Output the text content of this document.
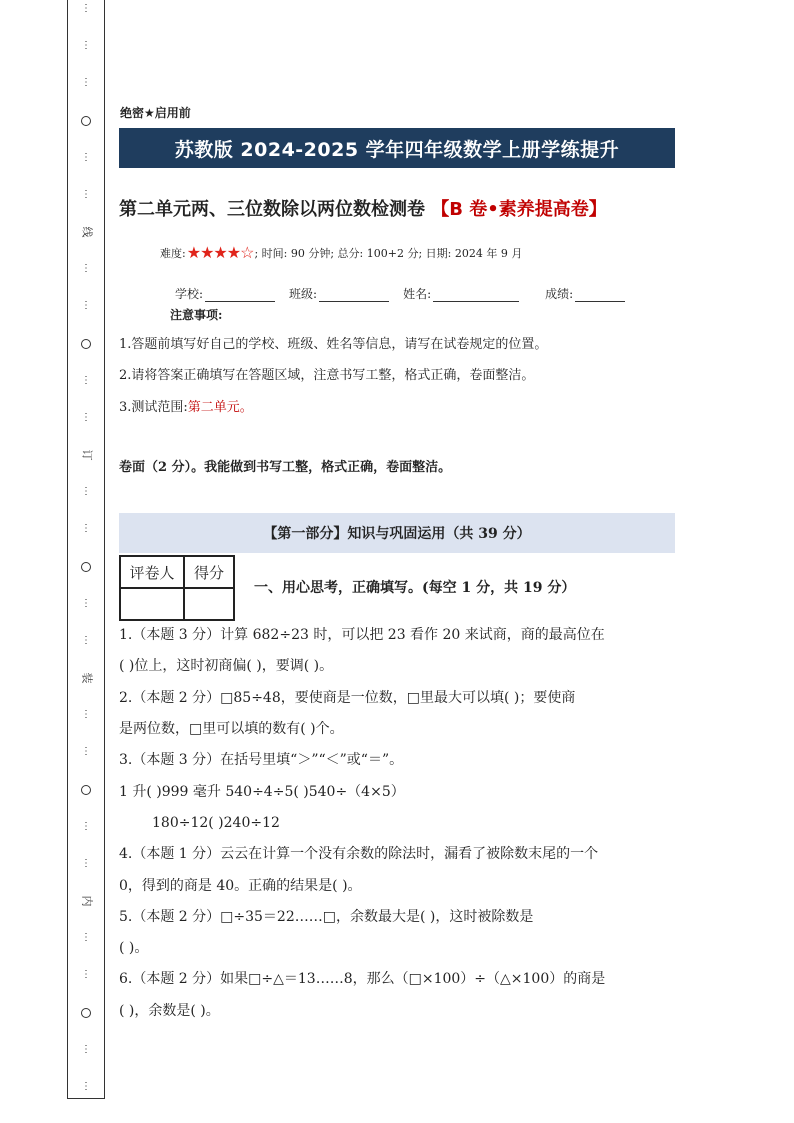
⋮
⋮
⋮
⋮
⋮
线
⋮
⋮
⋮
⋮
订
⋮
⋮
⋮
⋮
装
⋮
⋮
⋮
⋮
内
⋮
⋮
⋮
⋮
绝密★启用前
苏教版 2024-2025 学年四年级数学上册学练提升
第二单元两、三位数除以两位数检测卷 【B 卷•素养提高卷】
难度: ★★★★☆ ; 时间: 90 分钟; 总分: 100+2 分; 日期: 2024 年 9 月
学校:	班级:	姓名:	成绩:
注意事项:
1.答题前填写好自己的学校、班级、姓名等信息，请写在试卷规定的位置。
2.请将答案正确填写在答题区域，注意书写工整，格式正确，卷面整洁。
3.测试范围:第二单元。
卷面（2 分）。我能做到书写工整，格式正确，卷面整洁。
【第一部分】知识与巩固运用（共 39 分）
评卷人	得分

一、用心思考，正确填写。(每空 1 分，共 19 分）
1.（本题 3 分）计算 682÷23 时，可以把 23 看作 20 来试商，商的最高位在
( )位上，这时初商偏( )，要调( )。
2.（本题 2 分）□85÷48，要使商是一位数，□里最大可以填( )；要使商
是两位数，□里可以填的数有( )个。
3.（本题 3 分）在括号里填“＞”“＜”或“＝”。
1 升( )999 毫升 540÷4÷5( )540÷（4×5）
180÷12( )240÷12
4.（本题 1 分）云云在计算一个没有余数的除法时，漏看了被除数末尾的一个
0，得到的商是 40。正确的结果是( )。
5.（本题 2 分）□÷35＝22……□，余数最大是( )，这时被除数是
( )。
6.（本题 2 分）如果□÷△＝13……8，那么（□×100）÷（△×100）的商是
( )，余数是( )。
